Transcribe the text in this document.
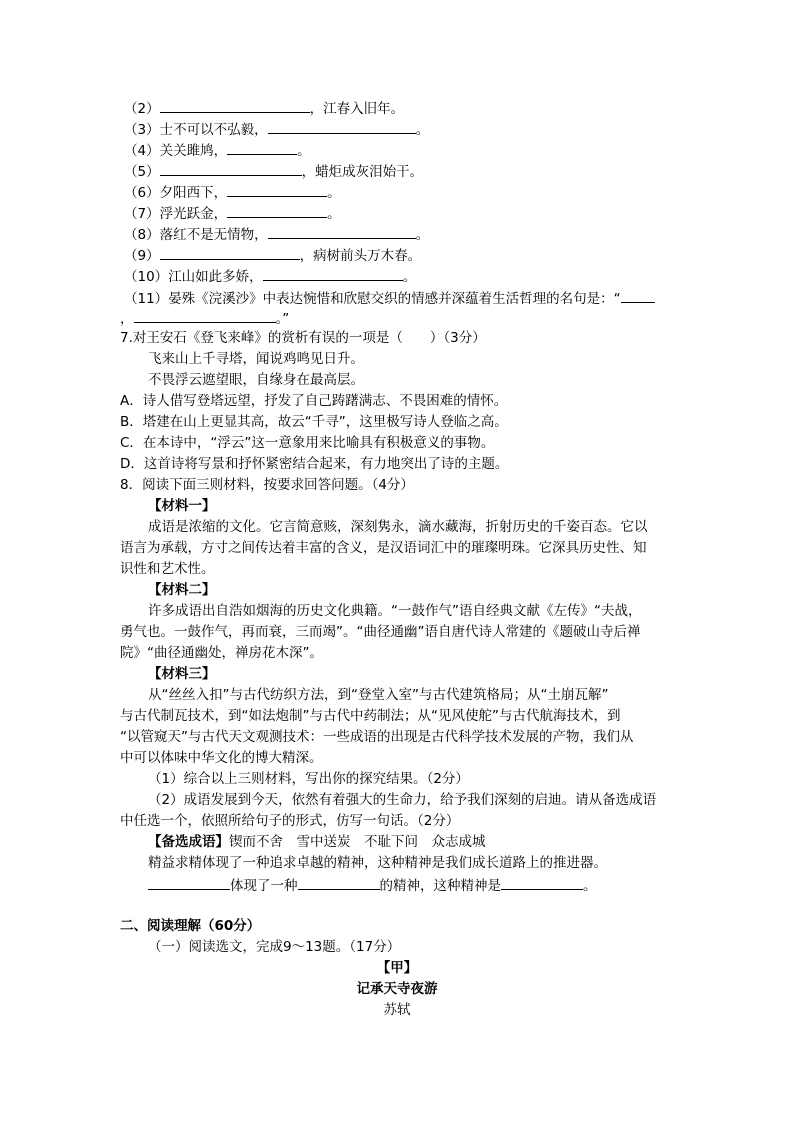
（2）	，江春入旧年。
（3）士不可以不弘毅，	。
（4）关关雎鸠，	。
（5）	，蜡炬成灰泪始干。
（6）夕阳西下，	。
（7）浮光跃金，	。
（8）落红不是无情物，	。
（9）	，病树前头万木春。
（10）江山如此多娇，	。
（11）晏殊《浣溪沙》中表达惋惜和欣慰交织的情感并深蕴着生活哲理的名句是：“
，	。”
7.对王安石《登飞来峰》的赏析有误的一项是（　　）（3分）
飞来山上千寻塔，闻说鸡鸣见日升。
不畏浮云遮望眼，自缘身在最高层。
A．诗人借写登塔远望，抒发了自己踌躇满志、不畏困难的情怀。
B．塔建在山上更显其高，故云“千寻”，这里极写诗人登临之高。
C．在本诗中，“浮云”这一意象用来比喻具有积极意义的事物。
D．这首诗将写景和抒怀紧密结合起来，有力地突出了诗的主题。
8．阅读下面三则材料，按要求回答问题。（4分）
【材料一】
成语是浓缩的文化。它言简意赅，深刻隽永，滴水藏海，折射历史的千姿百态。它以
语言为承载，方寸之间传达着丰富的含义，是汉语词汇中的璀璨明珠。它深具历史性、知
识性和艺术性。
【材料二】
许多成语出自浩如烟海的历史文化典籍。“一鼓作气”语自经典文献《左传》“夫战，
勇气也。一鼓作气，再而衰，三而竭”。“曲径通幽”语自唐代诗人常建的《题破山寺后禅
院》“曲径通幽处，禅房花木深”。
【材料三】
从“丝丝入扣”与古代纺织方法，到“登堂入室”与古代建筑格局；从“土崩瓦解”
与古代制瓦技术，到“如法炮制”与古代中药制法；从“见风使舵”与古代航海技术，到
“以管窥天”与古代天文观测技术：一些成语的出现是古代科学技术发展的产物，我们从
中可以体味中华文化的博大精深。
（1）综合以上三则材料，写出你的探究结果。（2分）
（2）成语发展到今天，依然有着强大的生命力，给予我们深刻的启迪。请从备选成语
中任选一个，依照所给句子的形式，仿写一句话。（2分）
【备选成语】锲而不舍　雪中送炭　不耻下问　众志成城
精益求精体现了一种追求卓越的精神，这种精神是我们成长道路上的推进器。
体现了一种	的精神，这种精神是	。
二、阅读理解（60分）
（一）阅读选文，完成9～13题。（17分）
【甲】
记承天寺夜游
苏轼
